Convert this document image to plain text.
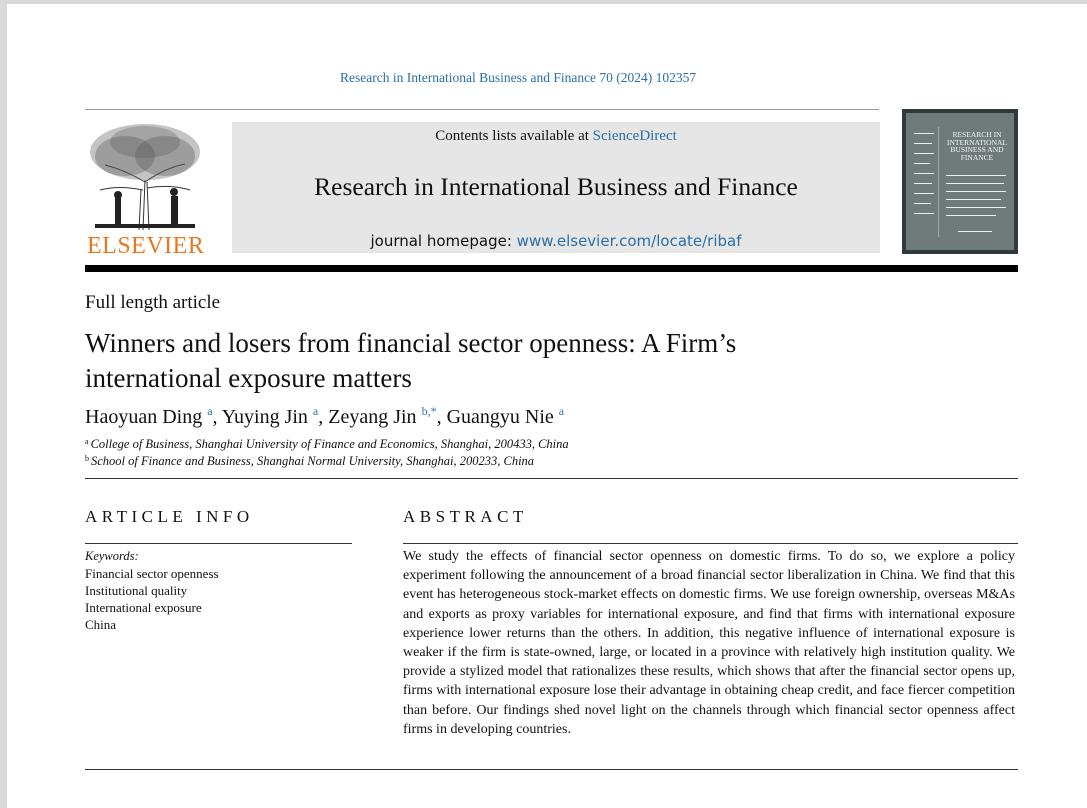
Research in International Business and Finance 70 (2024) 102357
ELSEVIER
Contents lists available at ScienceDirect
Research in International Business and Finance
journal homepage: www.elsevier.com/locate/ribaf
RESEARCH IN INTERNATIONAL BUSINESS AND FINANCE
Full length article
Winners and losers from financial sector openness: A Firm’s
international exposure matters
Haoyuan Ding $^a$, Yuying Jin $^a$, Zeyang Jin $^{b,*}$, Guangyu Nie $^a$
$^a$ College of Business, Shanghai University of Finance and Economics, Shanghai, 200433, China
$^b$ School of Finance and Business, Shanghai Normal University, Shanghai, 200233, China
ARTICLE INFO	ABSTRACT
Keywords:
Financial sector openness
Institutional quality
International exposure
China
We study the effects of financial sector openness on domestic firms. To do so, we explore a policy experiment following the announcement of a broad financial sector liberalization in China. We find that this event has heterogeneous stock-market effects on domestic firms. We use foreign ownership, overseas M&As and exports as proxy variables for international exposure, and find that firms with international exposure experience lower returns than the others. In addition, this negative influence of international exposure is weaker if the firm is state-owned, large, or located in a province with relatively high institution quality. We provide a stylized model that rationalizes these results, which shows that after the financial sector opens up, firms with international exposure lose their advantage in obtaining cheap credit, and face fiercer competition than before. Our findings shed novel light on the channels through which financial sector openness affect firms in developing countries.
